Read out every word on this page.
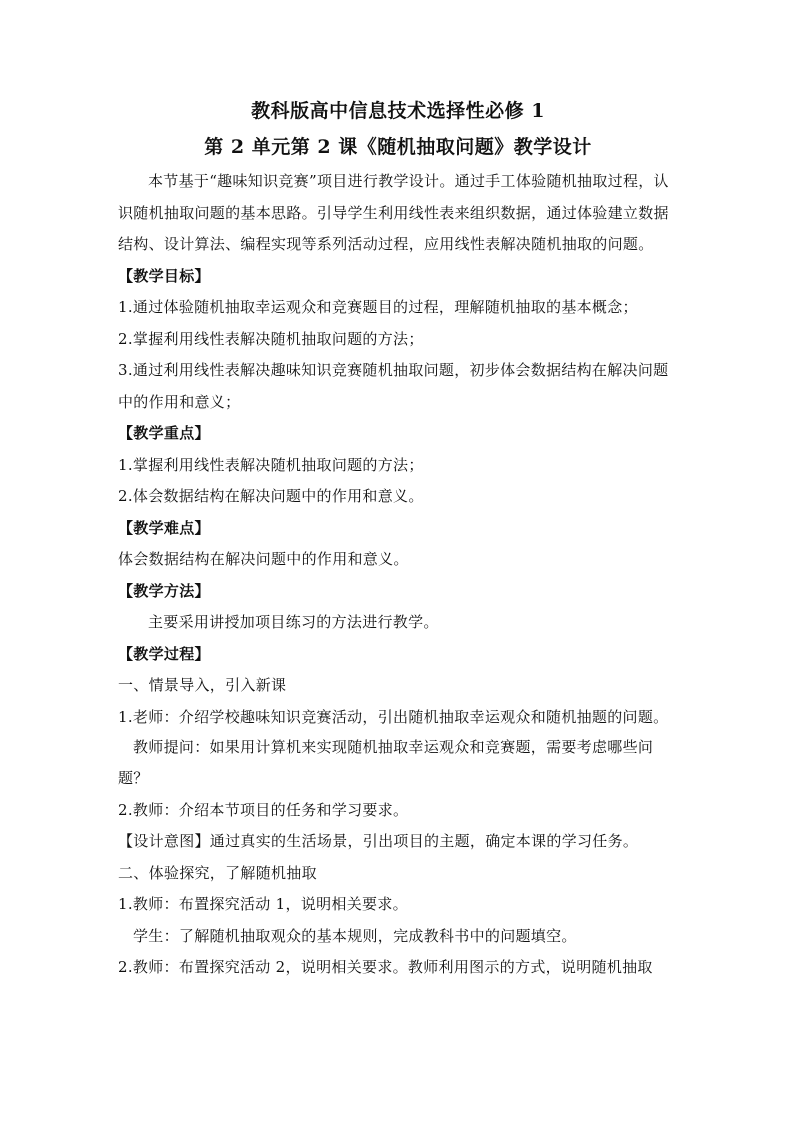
教科版高中信息技术选择性必修 1
第 2 单元第 2 课《随机抽取问题》教学设计

本节基于“趣味知识竞赛”项目进行教学设计。通过手工体验随机抽取过程，认识随机抽取问题的基本思路。引导学生利用线性表来组织数据，通过体验建立数据结构、设计算法、编程实现等系列活动过程，应用线性表解决随机抽取的问题。

【教学目标】

1.通过体验随机抽取幸运观众和竞赛题目的过程，理解随机抽取的基本概念；

2.掌握利用线性表解决随机抽取问题的方法；

3.通过利用线性表解决趣味知识竞赛随机抽取问题，初步体会数据结构在解决问题中的作用和意义；

【教学重点】

1.掌握利用线性表解决随机抽取问题的方法；

2.体会数据结构在解决问题中的作用和意义。

【教学难点】

体会数据结构在解决问题中的作用和意义。

【教学方法】

主要采用讲授加项目练习的方法进行教学。

【教学过程】

一、情景导入，引入新课

1.老师：介绍学校趣味知识竞赛活动，引出随机抽取幸运观众和随机抽题的问题。

教师提问：如果用计算机来实现随机抽取幸运观众和竞赛题，需要考虑哪些问题？

2.教师：介绍本节项目的任务和学习要求。

【设计意图】通过真实的生活场景，引出项目的主题，确定本课的学习任务。

二、体验探究，了解随机抽取

1.教师：布置探究活动 1，说明相关要求。

学生：了解随机抽取观众的基本规则，完成教科书中的问题填空。

2.教师：布置探究活动 2，说明相关要求。教师利用图示的方式，说明随机抽取
